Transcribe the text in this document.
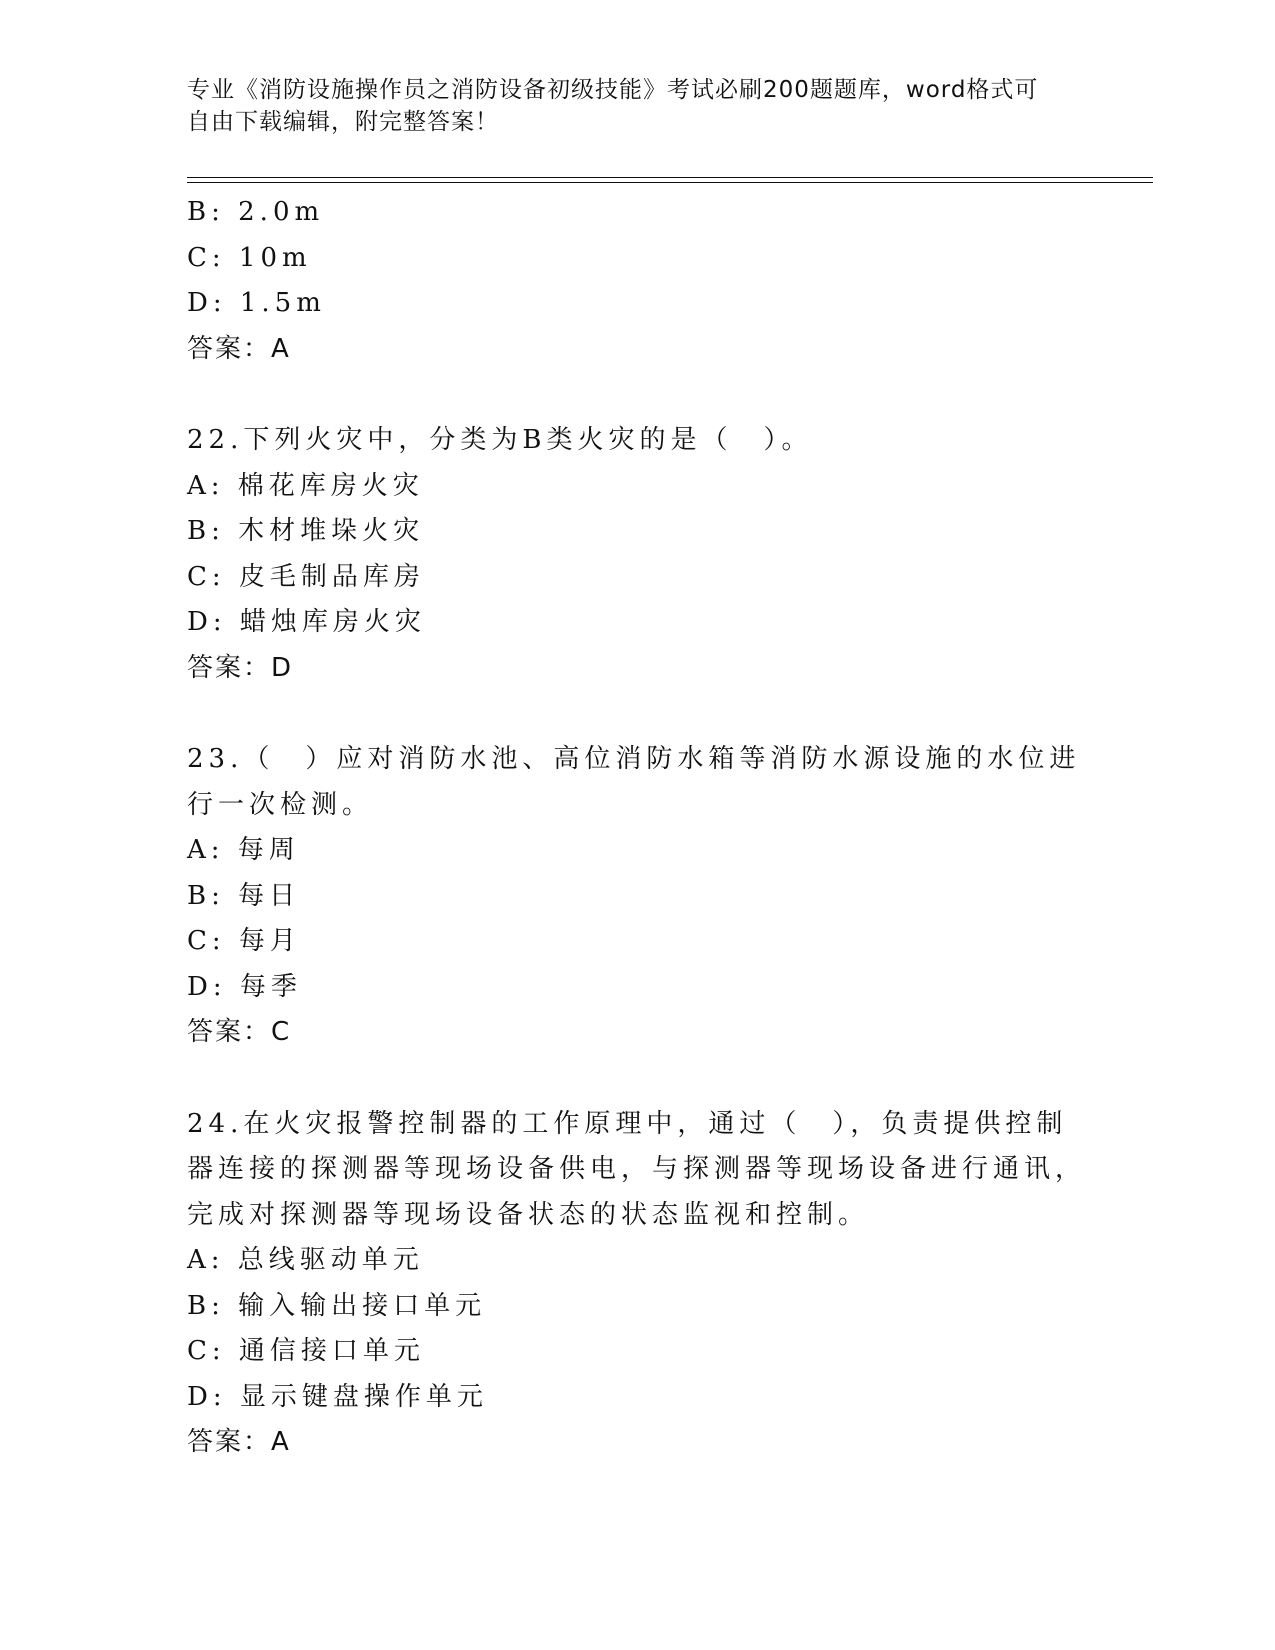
专业《消防设施操作员之消防设备初级技能》考试必刷200题题库，word格式可
自由下载编辑，附完整答案！
B: 2.0m
C: 10m
D: 1.5m
答案：A
22.下列火灾中，分类为B类火灾的是（　）。
A: 棉花库房火灾
B: 木材堆垛火灾
C: 皮毛制品库房
D: 蜡烛库房火灾
答案：D
23.（　）应对消防水池、高位消防水箱等消防水源设施的水位进行一次检测。
A: 每周
B: 每日
C: 每月
D: 每季
答案：C
24.在火灾报警控制器的工作原理中，通过（　），负责提供控制器连接的探测器等现场设备供电，与探测器等现场设备进行通讯，完成对探测器等现场设备状态的状态监视和控制。
A: 总线驱动单元
B: 输入输出接口单元
C: 通信接口单元
D: 显示键盘操作单元
答案：A
